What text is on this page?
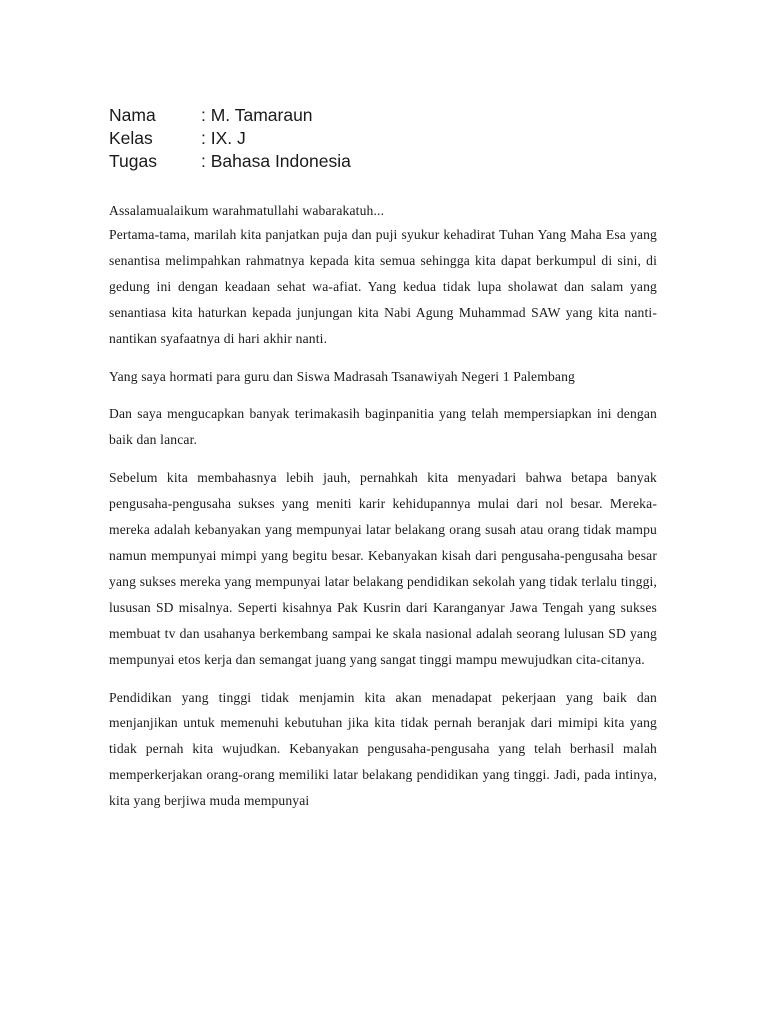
Nama	: M. Tamaraun
Kelas	: IX. J
Tugas	: Bahasa Indonesia

Assalamualaikum warahmatullahi wabarakatuh...

Pertama-tama, marilah kita panjatkan puja dan puji syukur kehadirat Tuhan Yang Maha Esa yang senantisa melimpahkan rahmatnya kepada kita semua sehingga kita dapat berkumpul di sini, di gedung ini dengan keadaan sehat wa-afiat. Yang kedua tidak lupa sholawat dan salam yang senantiasa kita haturkan kepada junjungan kita Nabi Agung Muhammad SAW yang kita nanti-nantikan syafaatnya di hari akhir nanti.

Yang saya hormati para guru dan Siswa Madrasah Tsanawiyah Negeri 1 Palembang

Dan saya mengucapkan banyak terimakasih baginpanitia yang telah mempersiapkan ini dengan baik dan lancar.

Sebelum kita membahasnya lebih jauh, pernahkah kita menyadari bahwa betapa banyak pengusaha-pengusaha sukses yang meniti karir kehidupannya mulai dari nol besar. Mereka-mereka adalah kebanyakan yang mempunyai latar belakang orang susah atau orang tidak mampu namun mempunyai mimpi yang begitu besar. Kebanyakan kisah dari pengusaha-pengusaha besar yang sukses mereka yang mempunyai latar belakang pendidikan sekolah yang tidak terlalu tinggi, lususan SD misalnya. Seperti kisahnya Pak Kusrin dari Karanganyar Jawa Tengah yang sukses membuat tv dan usahanya berkembang sampai ke skala nasional adalah seorang lulusan SD yang mempunyai etos kerja dan semangat juang yang sangat tinggi mampu mewujudkan cita-citanya.

Pendidikan yang tinggi tidak menjamin kita akan menadapat pekerjaan yang baik dan menjanjikan untuk memenuhi kebutuhan jika kita tidak pernah beranjak dari mimipi kita yang tidak pernah kita wujudkan. Kebanyakan pengusaha-pengusaha yang telah berhasil malah memperkerjakan orang-orang memiliki latar belakang pendidikan yang tinggi. Jadi, pada intinya, kita yang berjiwa muda mempunyai
